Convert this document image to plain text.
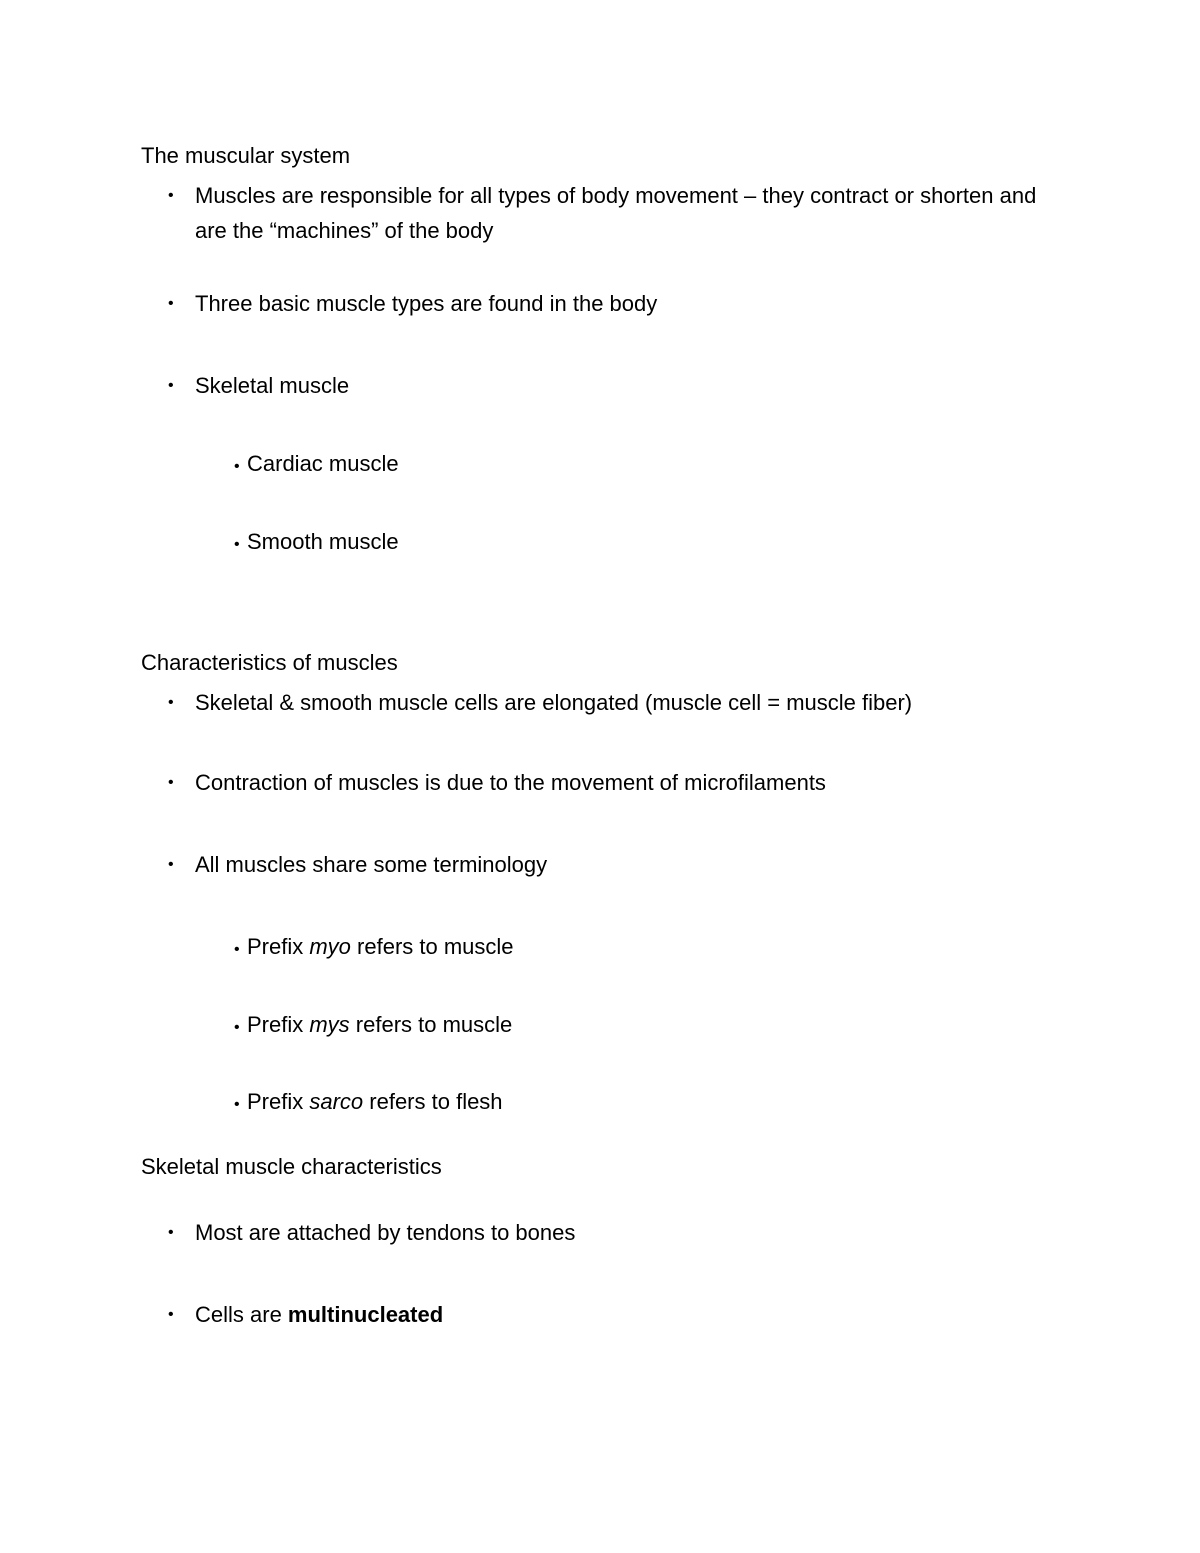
The muscular system
• Muscles are responsible for all types of body movement – they contract or shorten and are the “machines” of the body
• Three basic muscle types are found in the body
• Skeletal muscle
• Cardiac muscle
• Smooth muscle
Characteristics of muscles
• Skeletal & smooth muscle cells are elongated (muscle cell = muscle fiber)
• Contraction of muscles is due to the movement of microfilaments
• All muscles share some terminology
• Prefix myo refers to muscle
• Prefix mys refers to muscle
• Prefix sarco refers to flesh
Skeletal muscle characteristics
• Most are attached by tendons to bones
• Cells are multinucleated
